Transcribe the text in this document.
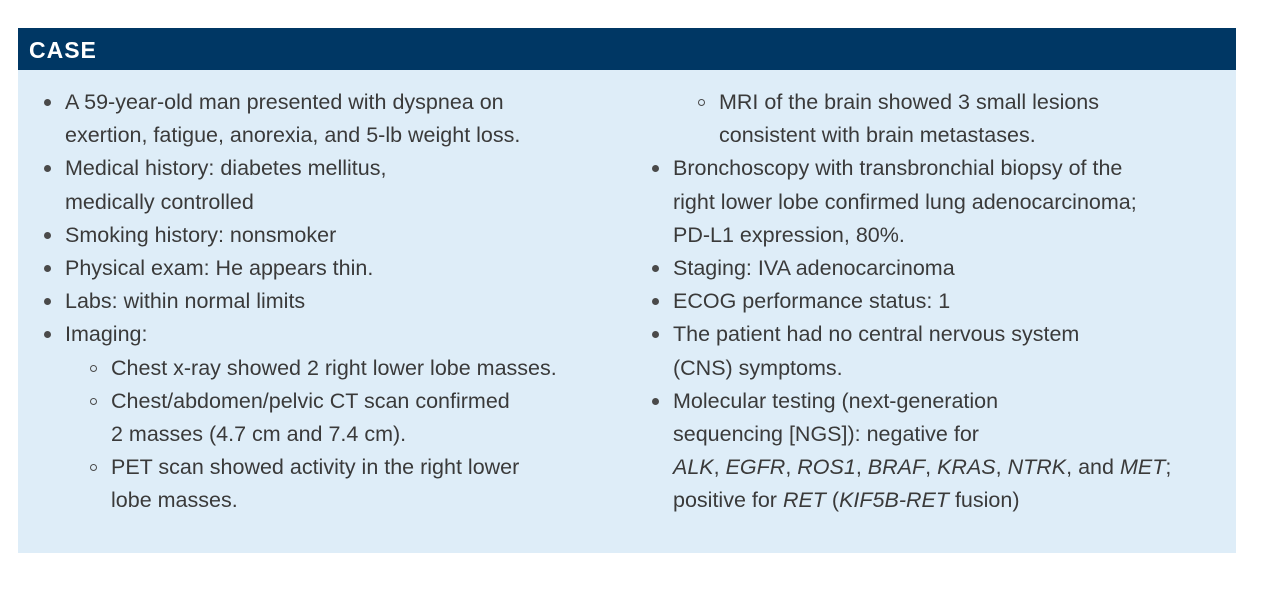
CASE
A 59-year-old man presented with dyspnea on
exertion, fatigue, anorexia, and 5-lb weight loss.
Medical history: diabetes mellitus,
medically controlled
Smoking history: nonsmoker
Physical exam: He appears thin.
Labs: within normal limits
Imaging:
Chest x-ray showed 2 right lower lobe masses.
Chest/abdomen/pelvic CT scan confirmed
2 masses (4.7 cm and 7.4 cm).
PET scan showed activity in the right lower
lobe masses.
MRI of the brain showed 3 small lesions
consistent with brain metastases.
Bronchoscopy with transbronchial biopsy of the
right lower lobe confirmed lung adenocarcinoma;
PD-L1 expression, 80%.
Staging: IVA adenocarcinoma
ECOG performance status: 1
The patient had no central nervous system
(CNS) symptoms.
Molecular testing (next-generation
sequencing [NGS]): negative for
ALK, EGFR, ROS1, BRAF, KRAS, NTRK, and MET;
positive for RET (KIF5B-RET fusion)
